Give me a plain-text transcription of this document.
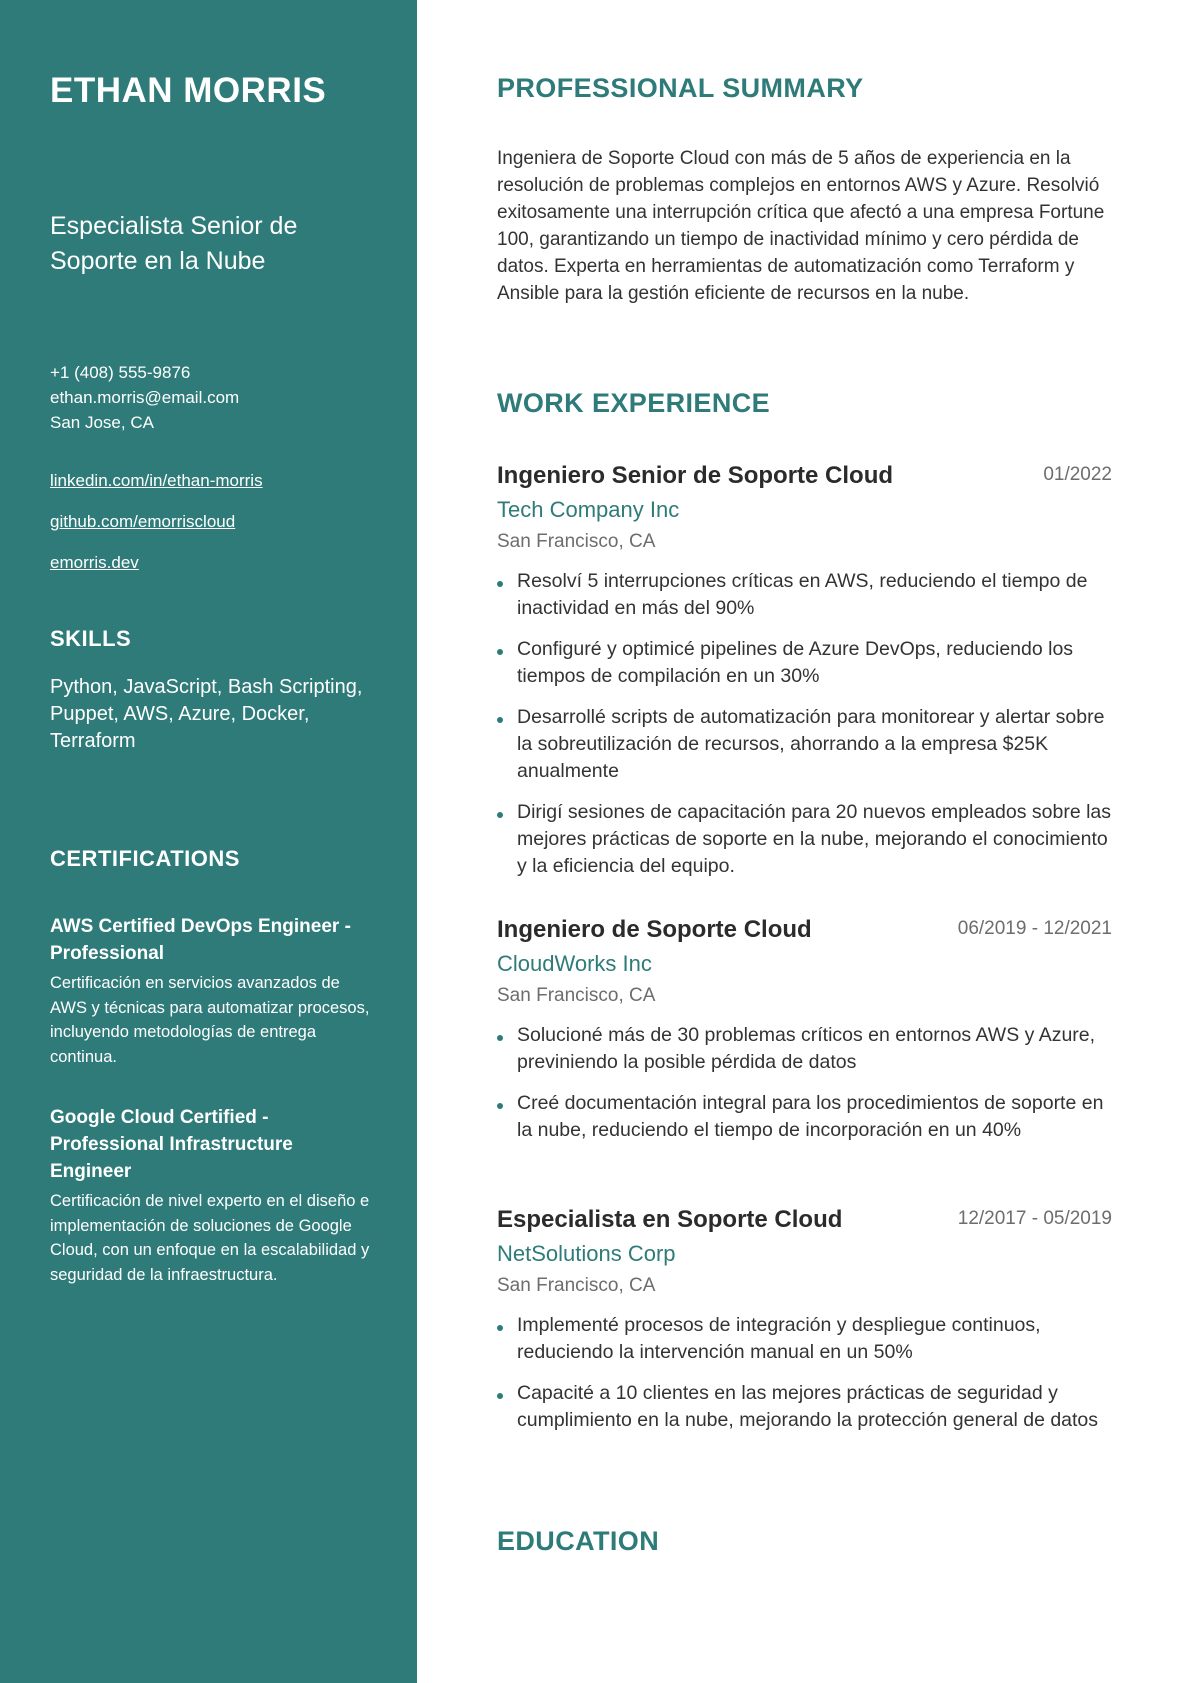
ETHAN MORRIS
Especialista Senior de Soporte en la Nube
+1 (408) 555-9876
ethan.morris@email.com
San Jose, CA
linkedin.com/in/ethan-morris
github.com/emorriscloud
emorris.dev
SKILLS
Python, JavaScript, Bash Scripting, Puppet, AWS, Azure, Docker, Terraform
CERTIFICATIONS
AWS Certified DevOps Engineer - Professional
Certificación en servicios avanzados de AWS y técnicas para automatizar procesos, incluyendo metodologías de entrega continua.
Google Cloud Certified - Professional Infrastructure Engineer
Certificación de nivel experto en el diseño e implementación de soluciones de Google Cloud, con un enfoque en la escalabilidad y seguridad de la infraestructura.
PROFESSIONAL SUMMARY
Ingeniera de Soporte Cloud con más de 5 años de experiencia en la resolución de problemas complejos en entornos AWS y Azure. Resolvió exitosamente una interrupción crítica que afectó a una empresa Fortune 100, garantizando un tiempo de inactividad mínimo y cero pérdida de datos. Experta en herramientas de automatización como Terraform y Ansible para la gestión eficiente de recursos en la nube.
WORK EXPERIENCE
Ingeniero Senior de Soporte Cloud	01/2022
Tech Company Inc
San Francisco, CA
Resolví 5 interrupciones críticas en AWS, reduciendo el tiempo de inactividad en más del 90%
Configuré y optimicé pipelines de Azure DevOps, reduciendo los tiempos de compilación en un 30%
Desarrollé scripts de automatización para monitorear y alertar sobre la sobreutilización de recursos, ahorrando a la empresa $25K anualmente
Dirigí sesiones de capacitación para 20 nuevos empleados sobre las mejores prácticas de soporte en la nube, mejorando el conocimiento y la eficiencia del equipo.
Ingeniero de Soporte Cloud	06/2019 - 12/2021
CloudWorks Inc
San Francisco, CA
Solucioné más de 30 problemas críticos en entornos AWS y Azure, previniendo la posible pérdida de datos
Creé documentación integral para los procedimientos de soporte en la nube, reduciendo el tiempo de incorporación en un 40%
Especialista en Soporte Cloud	12/2017 - 05/2019
NetSolutions Corp
San Francisco, CA
Implementé procesos de integración y despliegue continuos, reduciendo la intervención manual en un 50%
Capacité a 10 clientes en las mejores prácticas de seguridad y cumplimiento en la nube, mejorando la protección general de datos
EDUCATION
